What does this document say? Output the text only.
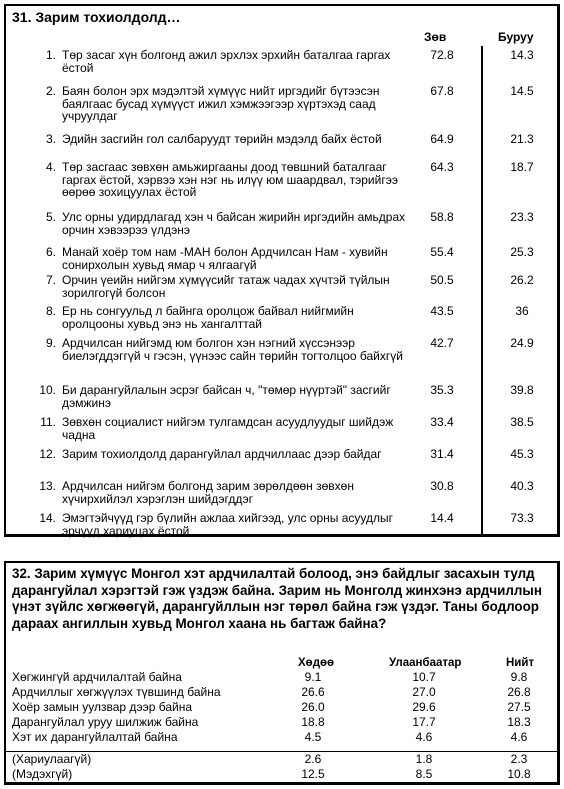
31. Зарим тохиолдолд…
Зөв	Буруу
1. Төр засаг хүн болгонд ажил эрхлэх эрхийн баталгаа гаргах ёстой
72.8	14.3
2. Баян болон эрх мэдэлтэй хүмүүс нийт иргэдийг бүтээсэн баялгаас бусад хүмүүст ижил хэмжээгээр хүртэхэд саад учруулдаг
67.8	14.5
3. Эдийн засгийн гол салбаруудт төрийн мэдэлд байх ёстой	64.9	21.3
4. Төр засгаас зөвхөн амьжиргааны доод төвшний баталгааг гаргах ёстой, хэрвээ хэн нэг нь илүү юм шаардвал, тэрийгээ өөрөө зохицуулах ёстой
64.3	18.7
5. Улс орны удирдлагад хэн ч байсан жирийн иргэдийн амьдрах орчин хэвээрээ үлдэнэ
58.8	23.3
6. Манай хоёр том нам -МАН болон Ардчилсан Нам - хувийн сонирхолын хувьд ямар ч ялгаагүй
55.4	25.3
7. Орчин үеийн нийгэм хүмүүсийг татаж чадах хүчтэй түйлын зорилгогүй болсон
50.5	26.2
8. Ер нь сонгуульд л байнга оролцож байвал нийгмийн оролцооны хувьд энэ нь хангалттай
43.5	36
9. Ардчилсан нийгэмд юм болгон хэн нэгний хүссэнээр биелэгддэггүй ч гэсэн, үүнээс сайн төрийн тогтолцоо байхгүй
42.7	24.9
10. Би дарангуйлалын эсрэг байсан ч, "төмөр нүүртэй" засгийг дэмжинэ
35.3	39.8
11. Зөвхөн социалист нийгэм тулгамдсан асуудлуудыг шийдэж чадна
33.4	38.5
12. Зарим тохиолдолд дарангуйлал ардчиллаас дээр байдаг	31.4	45.3
13. Ардчилсан нийгэм болгонд зарим зөрөлдөөн зөвхөн хүчирхийлэл хэрэглэн шийдэгддэг
30.8	40.3
14. Эмэгтэйчүүд гэр бүлийн ажлаа хийгээд, улс орны асуудлыг эрчүүд хариуцах ёстой
14.4	73.3
32. Зарим хүмүүс Монгол хэт ардчилалтай болоод, энэ байдлыг засахын тулд дарангуйлал хэрэгтэй гэж үздэж байна. Зарим нь Монголд жинхэнэ ардчиллын үнэт зүйлс хөгжөөгүй, дарангуйллын нэг төрөл байна гэж үздэг. Таны бодлоор дараах ангиллын хувьд Монгол хаана нь багтаж байна?
Хөдөө	Улаанбаатар	Нийт
Хөгжингүй ардчилалтай байна	9.1	10.7	9.8
Ардчиллыг хөгжүүлэх түвшинд байна	26.6	27.0	26.8
Хоёр замын уулзвар дээр байна	26.0	29.6	27.5
Дарангуйлал уруу шилжиж байна	18.8	17.7	18.3
Хэт их дарангуйлалтай байна	4.5	4.6	4.6
(Хариулаагүй)	2.6	1.8	2.3
(Мэдэхгүй)	12.5	8.5	10.8
